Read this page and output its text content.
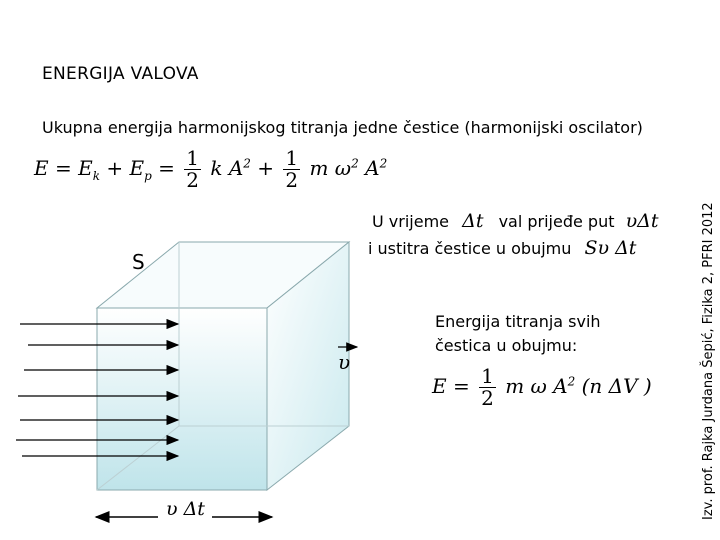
ENERGIJA VALOVA
Ukupna energija harmonijskog titranja jedne čestice (harmonijski oscilator)
Izv. prof. Rajka Jurdana Šepić, Fizika 2, PFRI 2012
$E = E_k + E_p = \frac{1}{2}$ k $A^2 + \frac{1}{2}$ m $\omega^2$ $A^2$
U vrijeme Δt val prijeđe put υΔt
i ustitra čestice u obujmu Sυ Δt
S
υ
υ Δt
Energija titranja svih
čestica u obujmu:
$E = \frac{1}{2}$ m ω $A^2$ (n ΔV )
